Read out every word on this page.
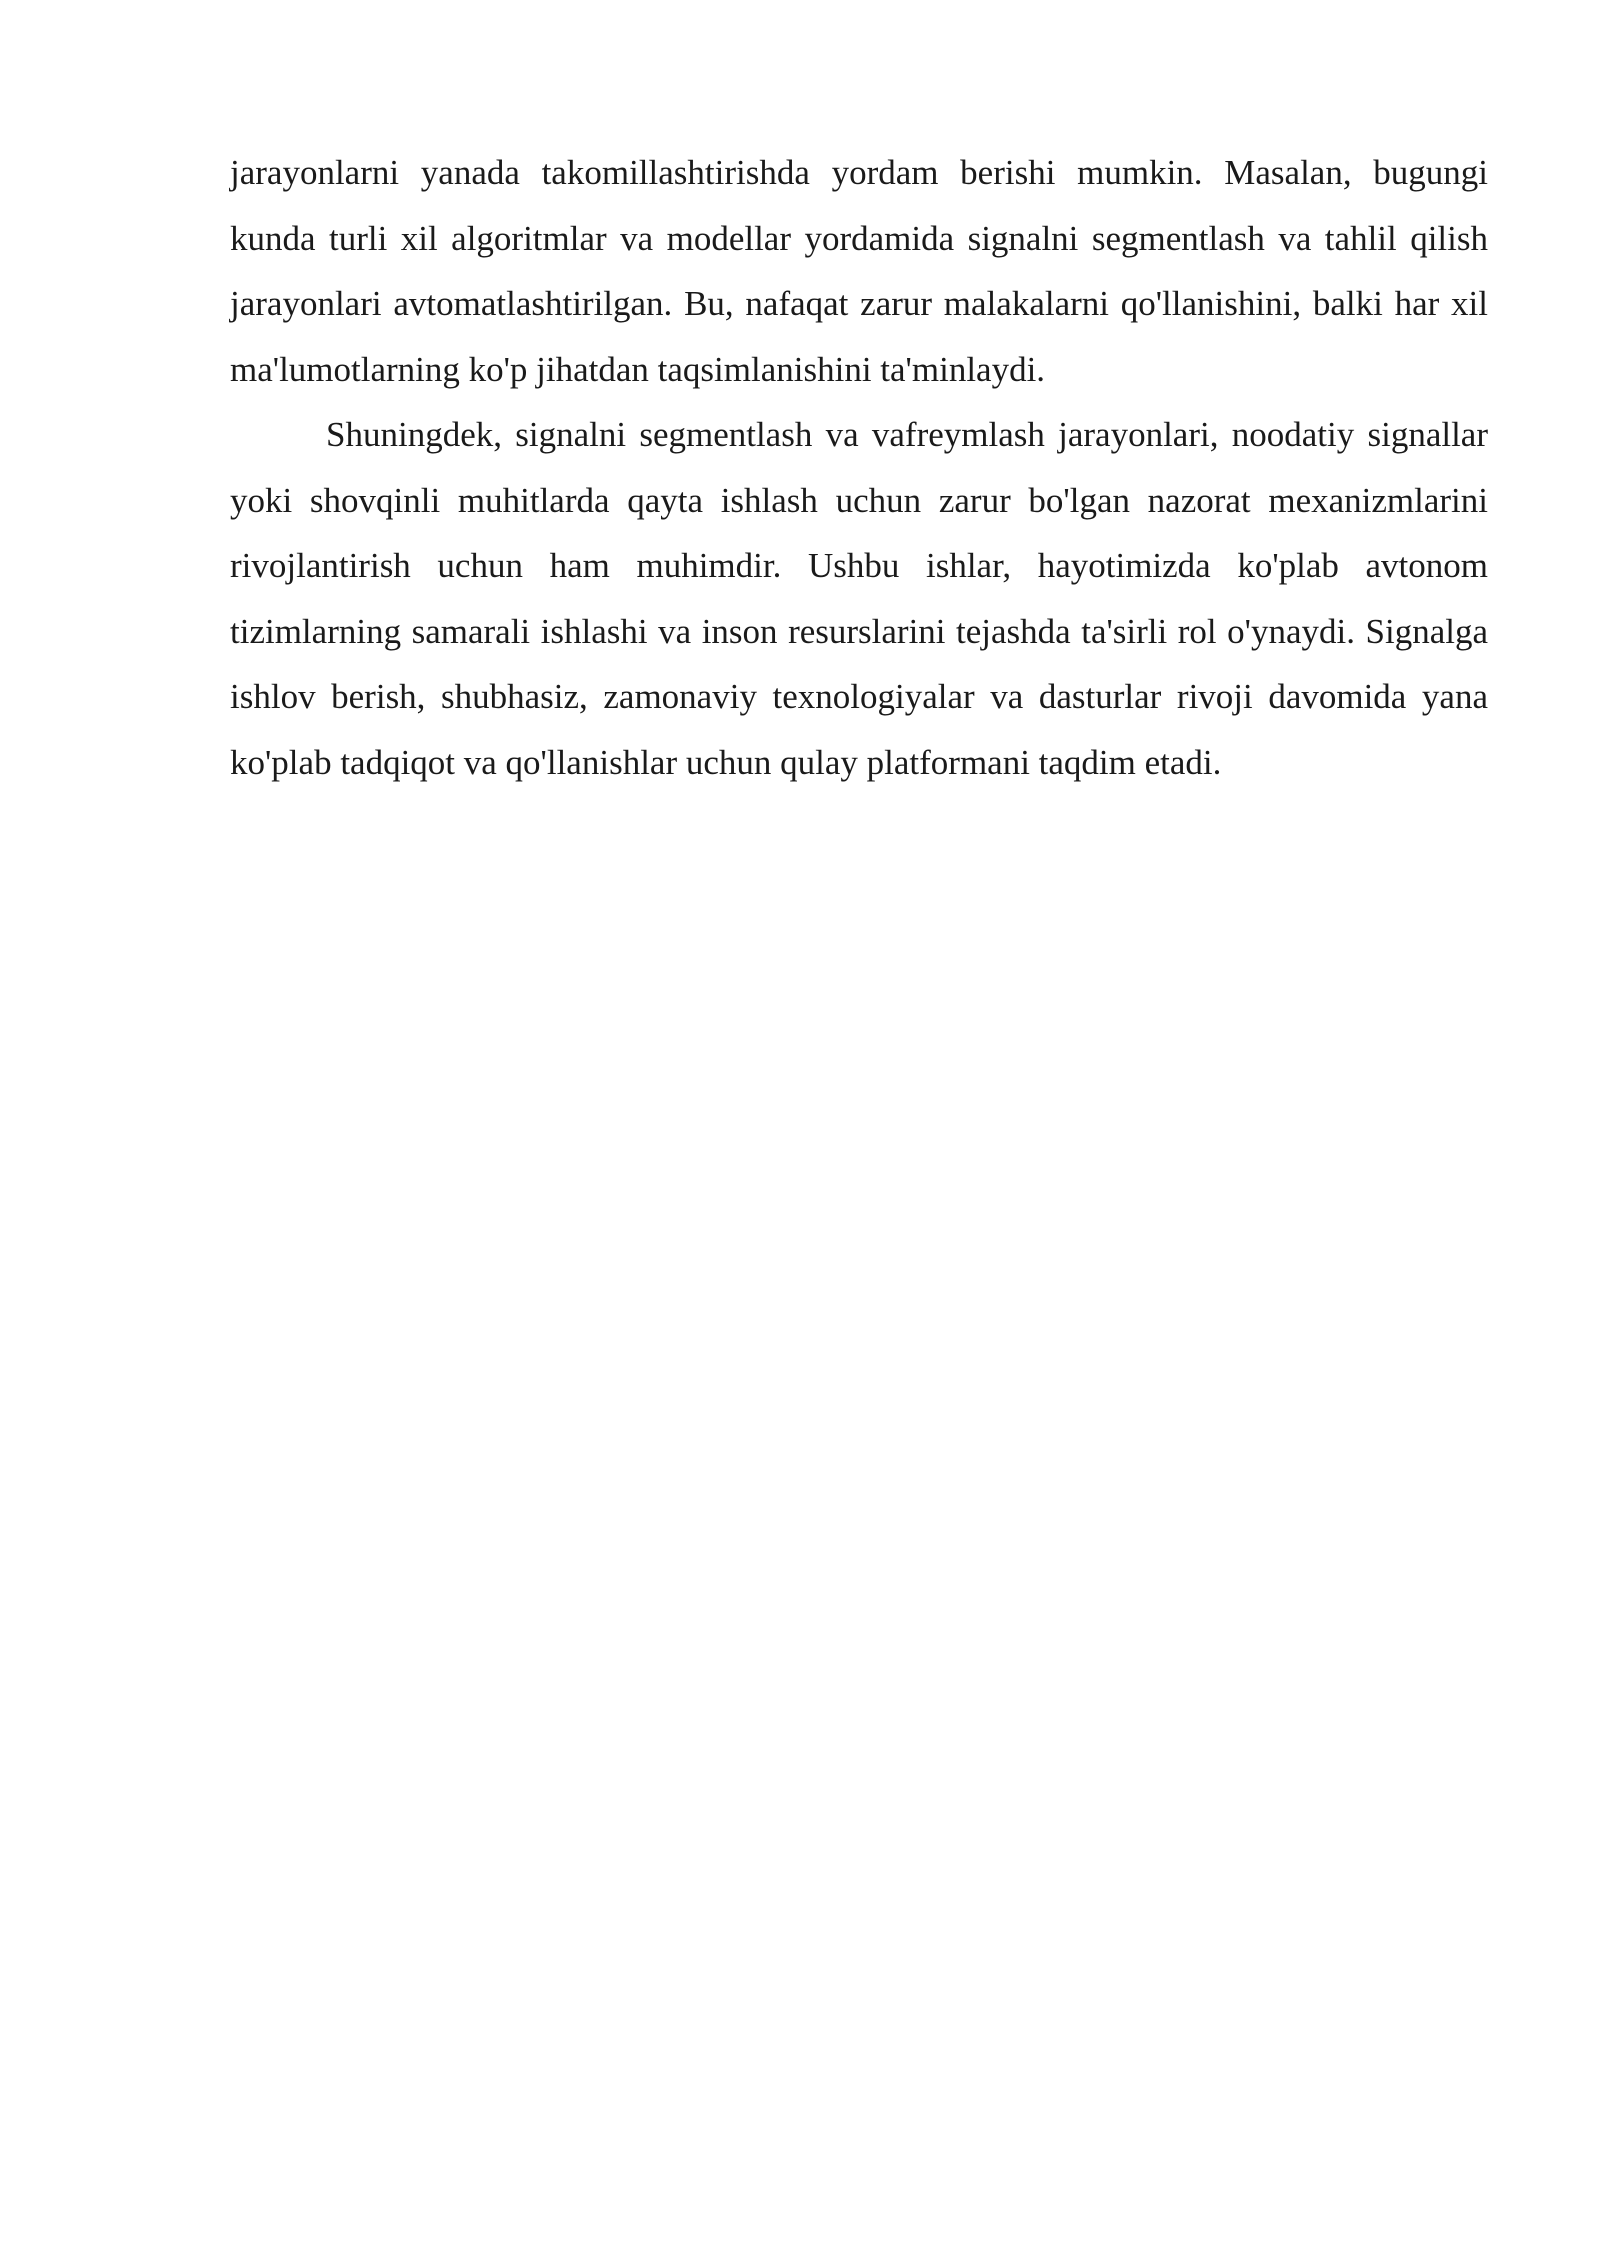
jarayonlarni yanada takomillashtirishda yordam berishi mumkin. Masalan, bugungi kunda turli xil algoritmlar va modellar yordamida signalni segmentlash va tahlil qilish jarayonlari avtomatlashtirilgan. Bu, nafaqat zarur malakalarni qo'llanishini, balki har xil ma'lumotlarning ko'p jihatdan taqsimlanishini ta'minlaydi.

Shuningdek, signalni segmentlash va vafreymlash jarayonlari, noodatiy signallar yoki shovqinli muhitlarda qayta ishlash uchun zarur bo'lgan nazorat mexanizmlarini rivojlantirish uchun ham muhimdir. Ushbu ishlar, hayotimizda ko'plab avtonom tizimlarning samarali ishlashi va inson resurslarini tejashda ta'sirli rol o'ynaydi. Signalga ishlov berish, shubhasiz, zamonaviy texnologiyalar va dasturlar rivoji davomida yana ko'plab tadqiqot va qo'llanishlar uchun qulay platformani taqdim etadi.
